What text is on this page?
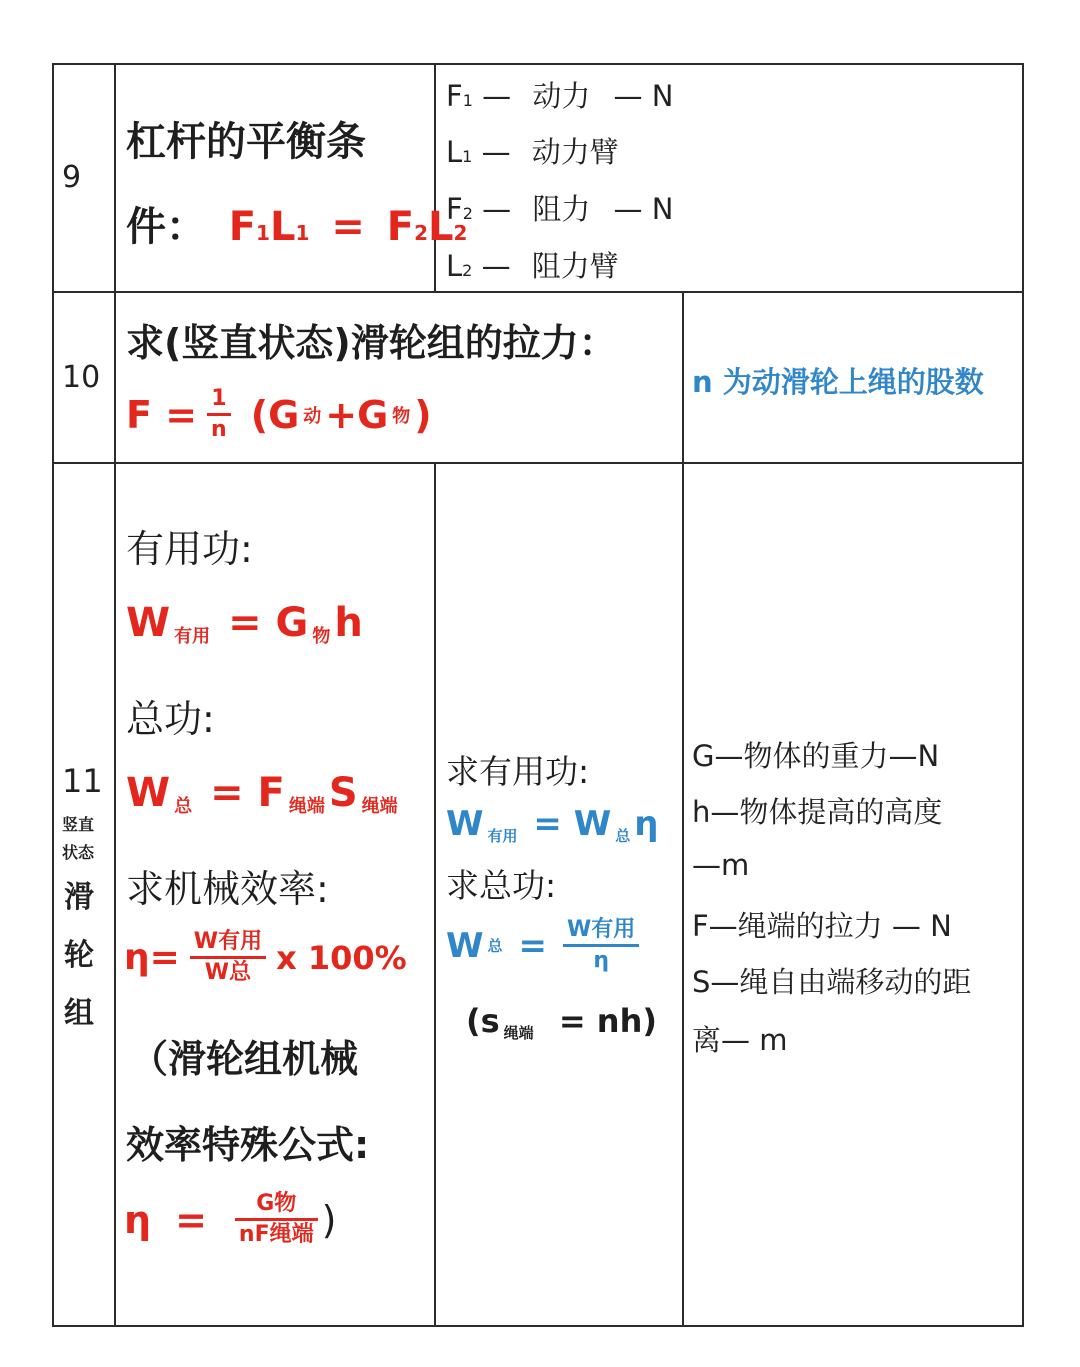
9
杠杆的平衡条
件： F1L1 = F2L2
F1 — 动力 — N
L1 — 动力臂
F2 — 阻力 — N
L2 — 阻力臂
10
求(竖直状态)滑轮组的拉力：
$F = \frac{1}{n} (G$ 动 +G 物 )
n 为动滑轮上绳的股数
11
竖直
状态
滑
轮
组
有用功:
W $_{有用}$ = G $_物$ h
总功:
W $_总$ = F $_{绳端}$ S $_{绳端}$
求机械效率:
$\eta= \frac{\text{W有用}}{\text{W总}}$ x 100%
（滑轮组机械
效率特殊公式:
$\eta = \frac{\text{G物}}{\text{nF绳端}}$ )
求有用功:
W $_{有用}$ = W $_总$ η
求总功:
W 总 = $\frac{\text{W有用}}{\eta}$
(s $_{绳端}$ = nh)
G—物体的重力—N
h—物体提高的高度
—m
F—绳端的拉力 — N
S—绳自由端移动的距
离— m
